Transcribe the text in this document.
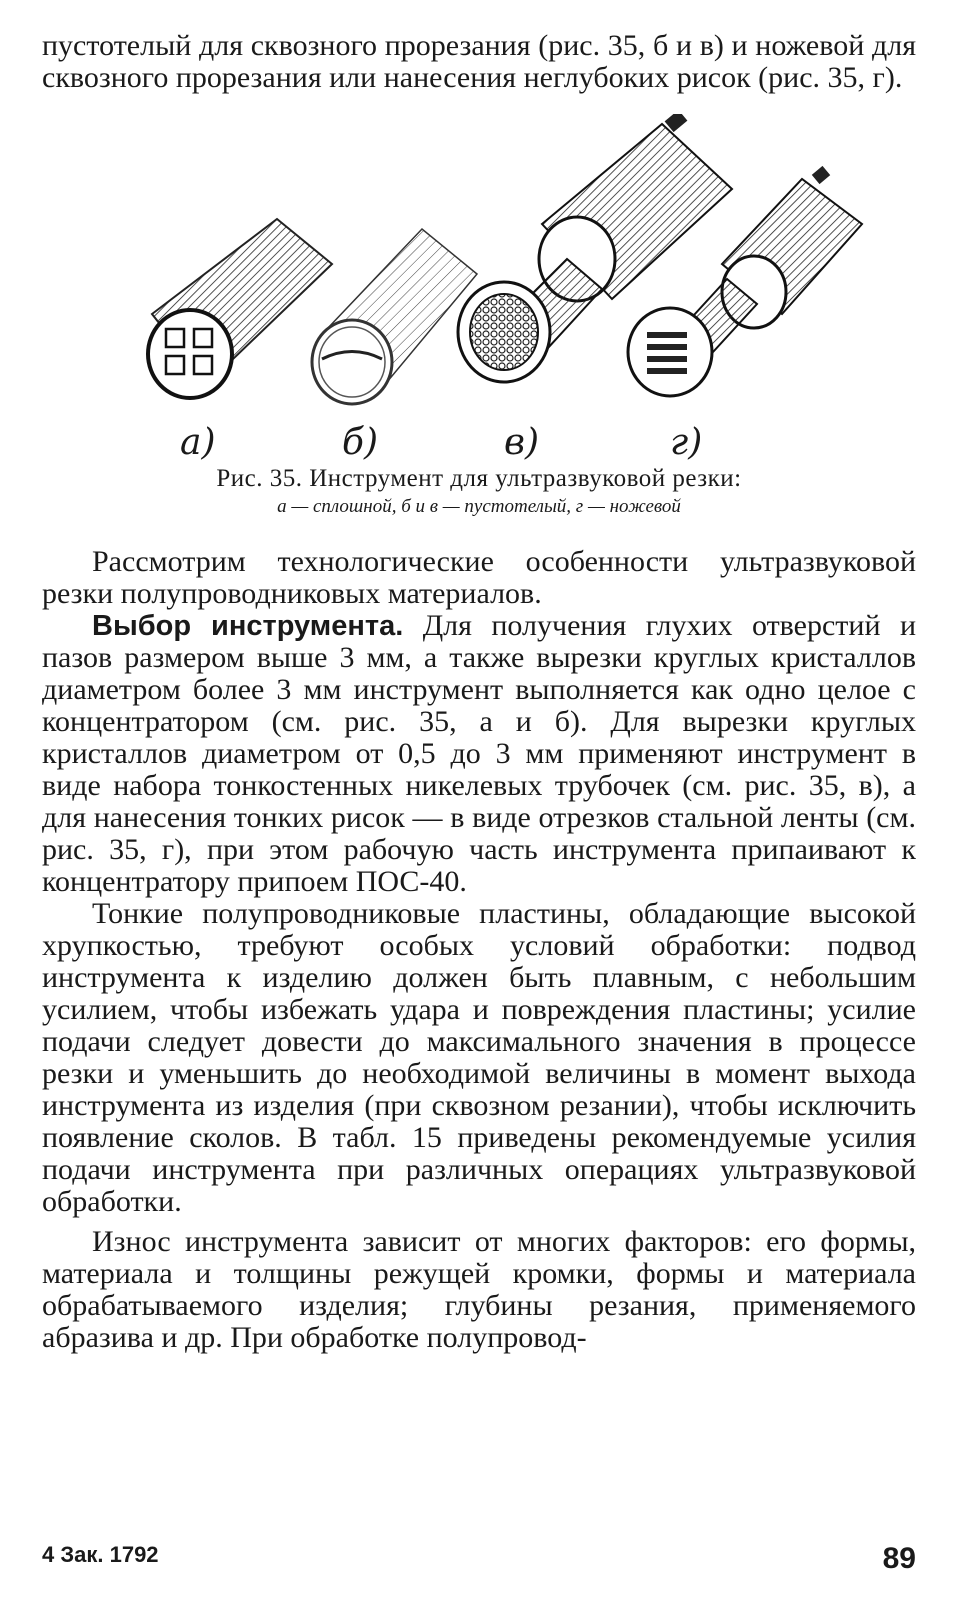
пустотелый для сквозного прорезания (рис. 35, б и в) и ножевой для сквозного прорезания или нанесения неглубоких рисок (рис. 35, г).

а)	б)	в)	г)
Рис. 35. Инструмент для ультразвуковой резки:
а — сплошной, б и в — пустотелый, г — ножевой

Рассмотрим технологические особенности ультразвуковой резки полупроводниковых материалов.

Выбор инструмента. Для получения глухих отверстий и пазов размером выше 3 мм, а также вырезки круглых кристаллов диаметром более 3 мм инструмент выполняется как одно целое с концентратором (см. рис. 35, а и б). Для вырезки круглых кристаллов диаметром от 0,5 до 3 мм применяют инструмент в виде набора тонкостенных никелевых трубочек (см. рис. 35, в), а для нанесения тонких рисок — в виде отрезков стальной ленты (см. рис. 35, г), при этом рабочую часть инструмента припаивают к концентратору припоем ПОС-40.

Тонкие полупроводниковые пластины, обладающие высокой хрупкостью, требуют особых условий обработки: подвод инструмента к изделию должен быть плавным, с небольшим усилием, чтобы избежать удара и повреждения пластины; усилие подачи следует довести до максимального значения в процессе резки и уменьшить до необходимой величины в момент выхода инструмента из изделия (при сквозном резании), чтобы исключить появление сколов. В табл. 15 приведены рекомендуемые усилия подачи инструмента при различных операциях ультразвуковой обработки.

Износ инструмента зависит от многих факторов: его формы, материала и толщины режущей кромки, формы и материала обрабатываемого изделия; глубины резания, применяемого абразива и др. При обработке полупровод-

4 Зак. 1792	89
